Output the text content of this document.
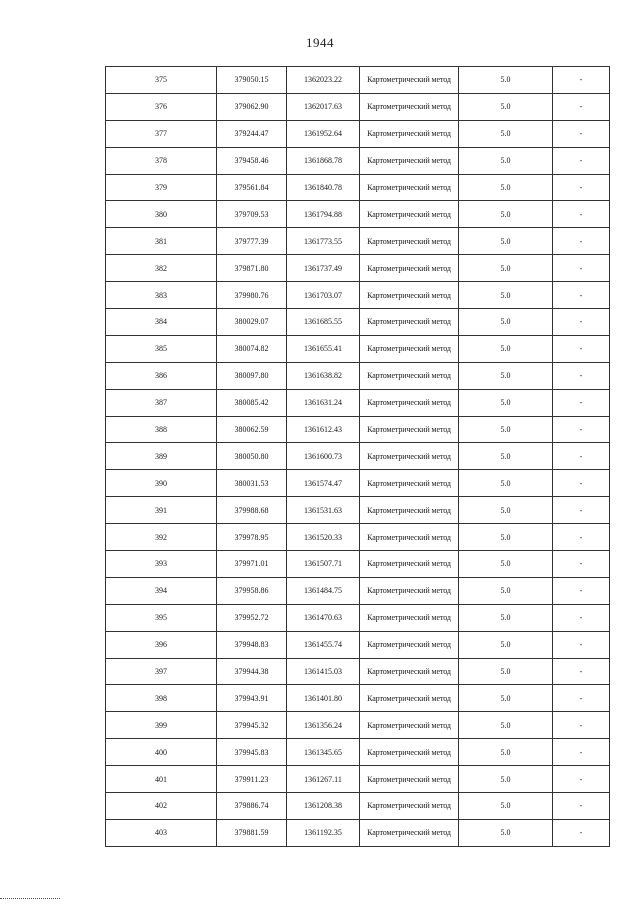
1944
375	379050.15	1362023.22	Картометрический метод	5.0	-
376	379062.90	1362017.63	Картометрический метод	5.0	-
377	379244.47	1361952.64	Картометрический метод	5.0	-
378	379458.46	1361868.78	Картометрический метод	5.0	-
379	379561.84	1361840.78	Картометрический метод	5.0	-
380	379709.53	1361794.88	Картометрический метод	5.0	-
381	379777.39	1361773.55	Картометрический метод	5.0	-
382	379871.80	1361737.49	Картометрический метод	5.0	-
383	379980.76	1361703.07	Картометрический метод	5.0	-
384	380029.07	1361685.55	Картометрический метод	5.0	-
385	380074.82	1361655.41	Картометрический метод	5.0	-
386	380097.80	1361638.82	Картометрический метод	5.0	-
387	380085.42	1361631.24	Картометрический метод	5.0	-
388	380062.59	1361612.43	Картометрический метод	5.0	-
389	380050.80	1361600.73	Картометрический метод	5.0	-
390	380031.53	1361574.47	Картометрический метод	5.0	-
391	379988.68	1361531.63	Картометрический метод	5.0	-
392	379978.95	1361520.33	Картометрический метод	5.0	-
393	379971.01	1361507.71	Картометрический метод	5.0	-
394	379958.86	1361484.75	Картометрический метод	5.0	-
395	379952.72	1361470.63	Картометрический метод	5.0	-
396	379948.83	1361455.74	Картометрический метод	5.0	-
397	379944.38	1361415.03	Картометрический метод	5.0	-
398	379943.91	1361401.80	Картометрический метод	5.0	-
399	379945.32	1361356.24	Картометрический метод	5.0	-
400	379945.83	1361345.65	Картометрический метод	5.0	-
401	379911.23	1361267.11	Картометрический метод	5.0	-
402	379886.74	1361208.38	Картометрический метод	5.0	-
403	379881.59	1361192.35	Картометрический метод	5.0	-
